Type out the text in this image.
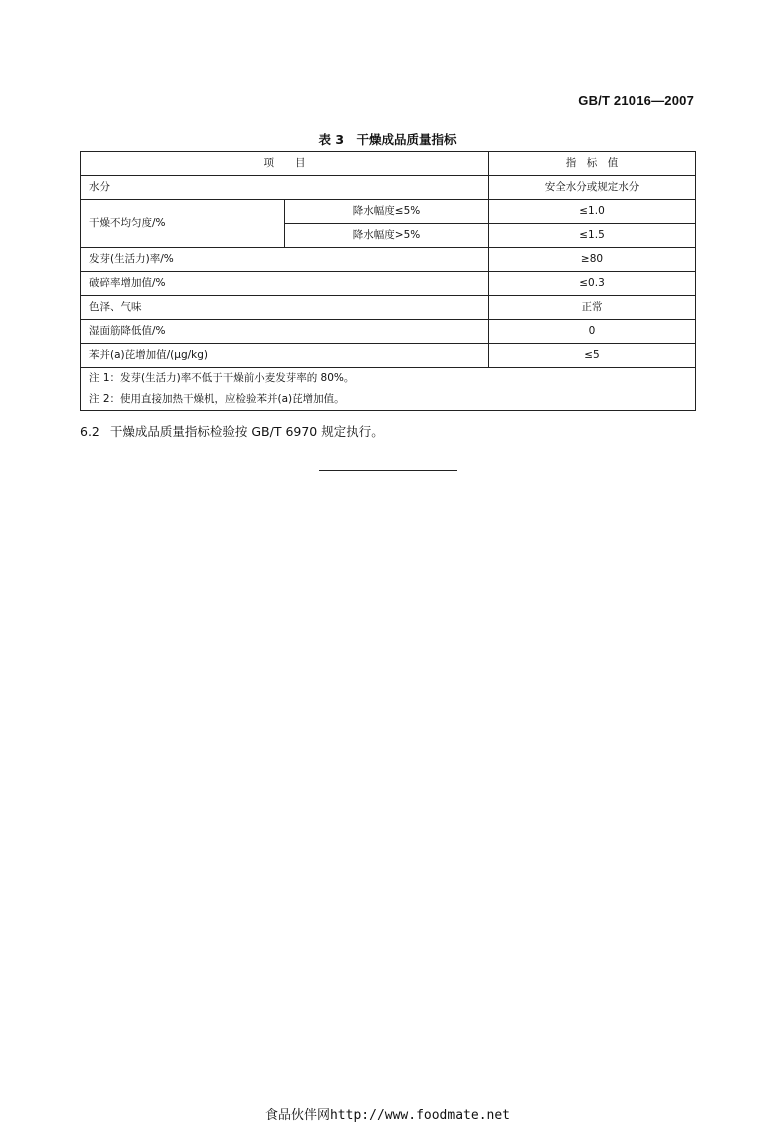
GB/T 21016—2007
表 3　干燥成品质量指标
项　　目		指　标　值
水分		安全水分或规定水分
干燥不均匀度/%	降水幅度≤5%	≤1.0
	降水幅度>5%	≤1.5
发芽(生活力)率/%		≥80
破碎率增加值/%		≤0.3
色泽、气味		正常
湿面筋降低值/%		0
苯并(a)芘增加值/(μg/kg)		≤5

注 1：发芽(生活力)率不低于干燥前小麦发芽率的 80%。
注 2：使用直接加热干燥机，应检验苯并(a)芘增加值。		
6.2 干燥成品质量指标检验按 GB/T 6970 规定执行。
食品伙伴网http://www.foodmate.net
